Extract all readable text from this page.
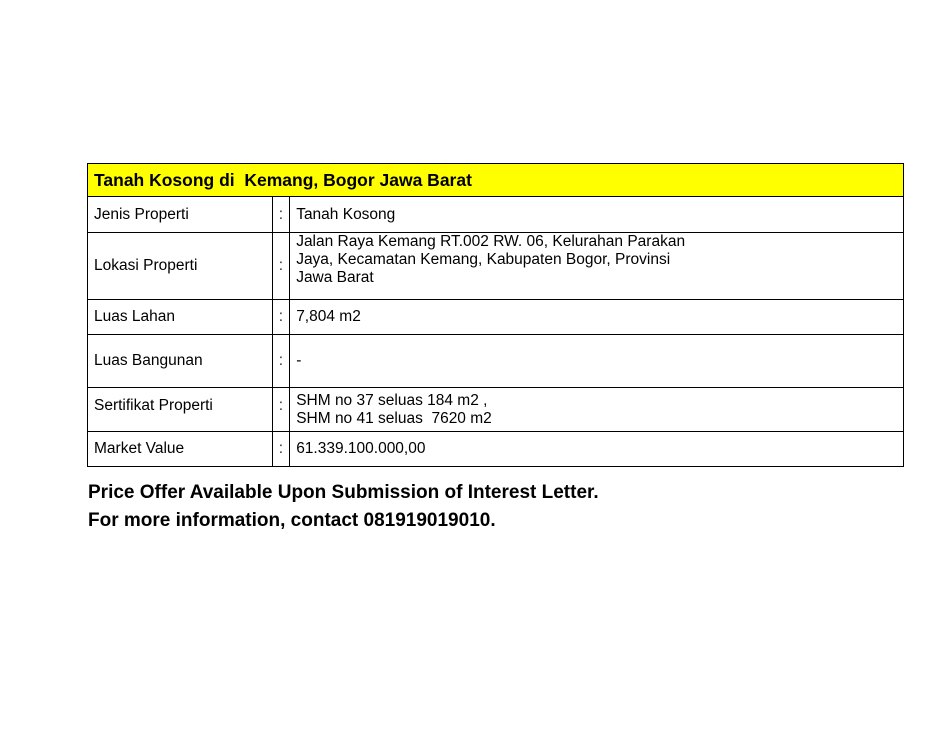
Tanah Kosong di  Kemang, Bogor Jawa Barat		
Jenis Properti	:	Tanah Kosong
Lokasi Properti	:	Jalan Raya Kemang RT.002 RW. 06, Kelurahan Parakan
Jaya, Kecamatan Kemang, Kabupaten Bogor, Provinsi
Jawa Barat

Luas Lahan	:	7,804 m2
Luas Bangunan	:	-
Sertifikat Properti	:	SHM no 37 seluas 184 m2 ,
SHM no 41 seluas  7620 m2

Market Value	:	61.339.100.000,00
Price Offer Available Upon Submission of Interest Letter.
For more information, contact 081919019010.
